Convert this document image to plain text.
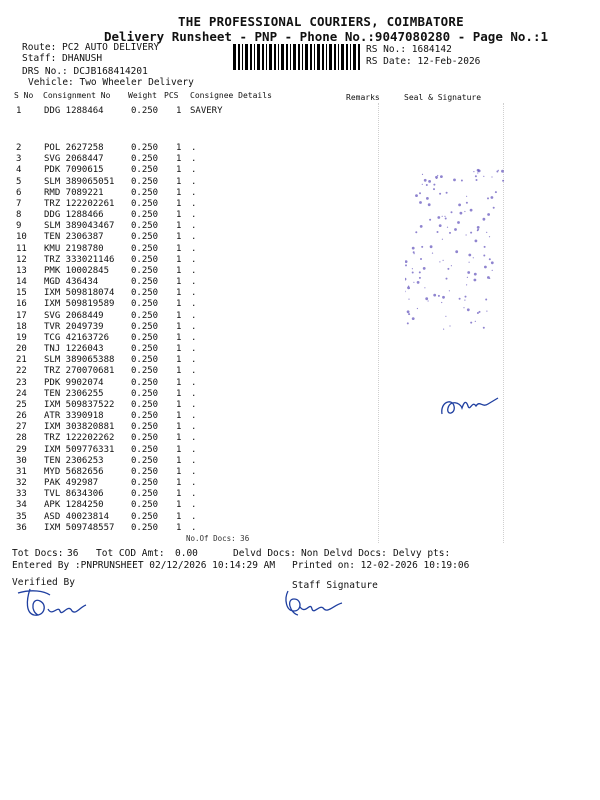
THE PROFESSIONAL COURIERS, COIMBATORE
Delivery Runsheet - PNP - Phone No.:9047080280 - Page No.:1
Route: PC2 AUTO DELIVERY
Staff: DHANUSH
DRS No.: DCJB168414201
Vehicle: Two Wheeler Delivery
RS No.: 1684142
RS Date: 12-Feb-2026
S No Consignment No Weight PCS Consignee Details	Remarks	Seal & Signature
1	DDG 1288464	0.250 1 SAVERY
2	POL 2627258	0.250 1 .
3	SVG 2068447	0.250 1 .
4	PDK 7090615	0.250 1 .
5	SLM 389065051 0.250 1 .
6	RMD 7089221	0.250 1 .
7	TRZ 122202261 0.250 1 .
8	DDG 1288466	0.250 1 .
9	SLM 389043467 0.250 1 .
10 TEN 2306387	0.250 1 .
11 KMU 2198780	0.250 1 .
12 TRZ 333021146 0.250 1 .
13 PMK 10002845 0.250 1 .
14 MGD 436434	0.250 1 .
15 IXM 509818074 0.250 1 .
16 IXM 509819589 0.250 1 .
17 SVG 2068449	0.250 1 .
18 TVR 2049739	0.250 1 .
19 TCG 42163726 0.250 1 .
20 TNJ 1226043	0.250 1 .
21 SLM 389065388 0.250 1 .
22 TRZ 270070681 0.250 1 .
23 PDK 9902074	0.250 1 .
24 TEN 2306255	0.250 1 .
25 IXM 509837522 0.250 1 .
26 ATR 3390918	0.250 1 .
27 IXM 303820881 0.250 1 .
28 TRZ 122202262 0.250 1 .
29 IXM 509776331 0.250 1 .
30 TEN 2306253	0.250 1 .
31 MYD 5682656	0.250 1 .
32 PAK 492987	0.250 1 .
33 TVL 8634306	0.250 1 .
34 APK 1284250	0.250 1 .
35 ASD 40023814 0.250 1 .
36 IXM 509748557 0.250 1 .
No.Of Docs: 36
Tot Docs: 36 Tot COD Amt: 0.00	Delvd Docs: Non Delvd Docs: Delvy pts:
Entered By :PNPRUNSHEET 02/12/2026 10:14:29 AM Printed on: 12-02-2026 10:19:06
Verified By	Staff Signature
